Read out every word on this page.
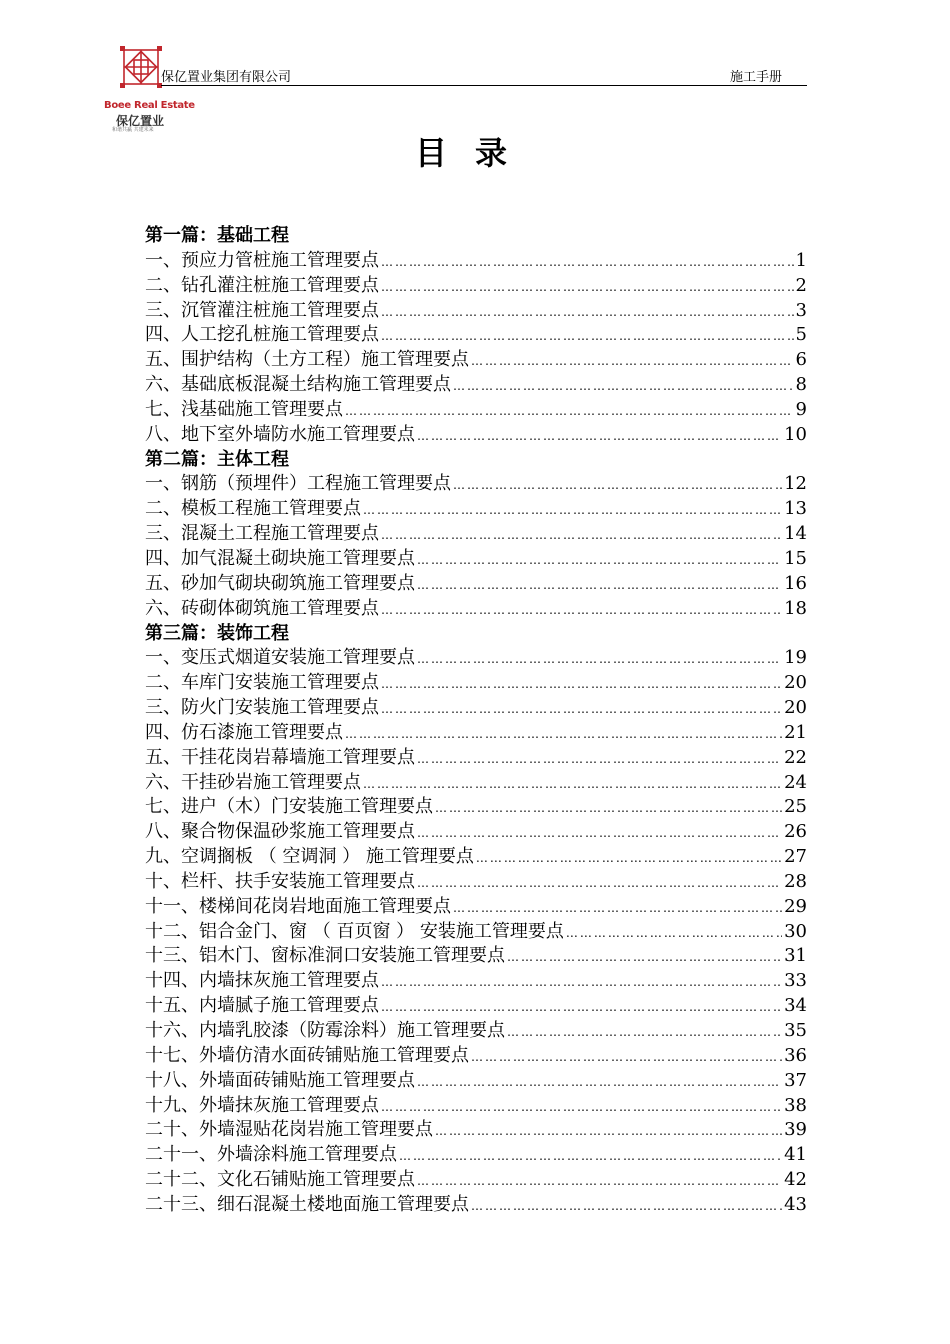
Boee Real Estate
保亿置业
和谐共赢 共建未来
保亿置业集团有限公司	施工手册
目录
第一篇：基础工程
一、预应力管桩施工管理要点 …………………………………………………………………………………………………………………………………………	1
二、钻孔灌注桩施工管理要点 …………………………………………………………………………………………………………………………………………	2
三、沉管灌注桩施工管理要点 …………………………………………………………………………………………………………………………………………	3
四、人工挖孔桩施工管理要点 …………………………………………………………………………………………………………………………………………	5
五、围护结构（土方工程）施工管理要点 …………………………………………………………………………………………………………………………………………	6
六、基础底板混凝土结构施工管理要点 …………………………………………………………………………………………………………………………………………	8
七、浅基础施工管理要点 …………………………………………………………………………………………………………………………………………	9
八、地下室外墙防水施工管理要点 …………………………………………………………………………………………………………………………………………	10
第二篇：主体工程
一、钢筋（预埋件）工程施工管理要点 …………………………………………………………………………………………………………………………………………	12
二、模板工程施工管理要点 …………………………………………………………………………………………………………………………………………	13
三、混凝土工程施工管理要点 …………………………………………………………………………………………………………………………………………	14
四、加气混凝土砌块施工管理要点 …………………………………………………………………………………………………………………………………………	15
五、砂加气砌块砌筑施工管理要点 …………………………………………………………………………………………………………………………………………	16
六、砖砌体砌筑施工管理要点 …………………………………………………………………………………………………………………………………………	18
第三篇：装饰工程
一、变压式烟道安装施工管理要点 …………………………………………………………………………………………………………………………………………	19
二、车库门安装施工管理要点 …………………………………………………………………………………………………………………………………………	20
三、防火门安装施工管理要点 …………………………………………………………………………………………………………………………………………	20
四、仿石漆施工管理要点 …………………………………………………………………………………………………………………………………………	21
五、干挂花岗岩幕墙施工管理要点 …………………………………………………………………………………………………………………………………………	22
六、干挂砂岩施工管理要点 …………………………………………………………………………………………………………………………………………	24
七、进户（木）门安装施工管理要点 …………………………………………………………………………………………………………………………………………	25
八、聚合物保温砂浆施工管理要点 …………………………………………………………………………………………………………………………………………	26
九、空调搁板 （ 空调洞 ） 施工管理要点 …………………………………………………………………………………………………………………………………………	27
十、栏杆、扶手安装施工管理要点 …………………………………………………………………………………………………………………………………………	28
十一、楼梯间花岗岩地面施工管理要点 …………………………………………………………………………………………………………………………………………	29
十二、铝合金门、窗 （ 百页窗 ） 安装施工管理要点 …………………………………………………………………………………………………………………………………………	30
十三、铝木门、窗标准洞口安装施工管理要点 …………………………………………………………………………………………………………………………………………	31
十四、内墙抹灰施工管理要点 …………………………………………………………………………………………………………………………………………	33
十五、内墙腻子施工管理要点 …………………………………………………………………………………………………………………………………………	34
十六、内墙乳胶漆（防霉涂料）施工管理要点 …………………………………………………………………………………………………………………………………………	35
十七、外墙仿清水面砖铺贴施工管理要点 …………………………………………………………………………………………………………………………………………	36
十八、外墙面砖铺贴施工管理要点 …………………………………………………………………………………………………………………………………………	37
十九、外墙抹灰施工管理要点 …………………………………………………………………………………………………………………………………………	38
二十、外墙湿贴花岗岩施工管理要点 …………………………………………………………………………………………………………………………………………	39
二十一、外墙涂料施工管理要点 …………………………………………………………………………………………………………………………………………	41
二十二、文化石铺贴施工管理要点 …………………………………………………………………………………………………………………………………………	42
二十三、细石混凝土楼地面施工管理要点 …………………………………………………………………………………………………………………………………………	43
